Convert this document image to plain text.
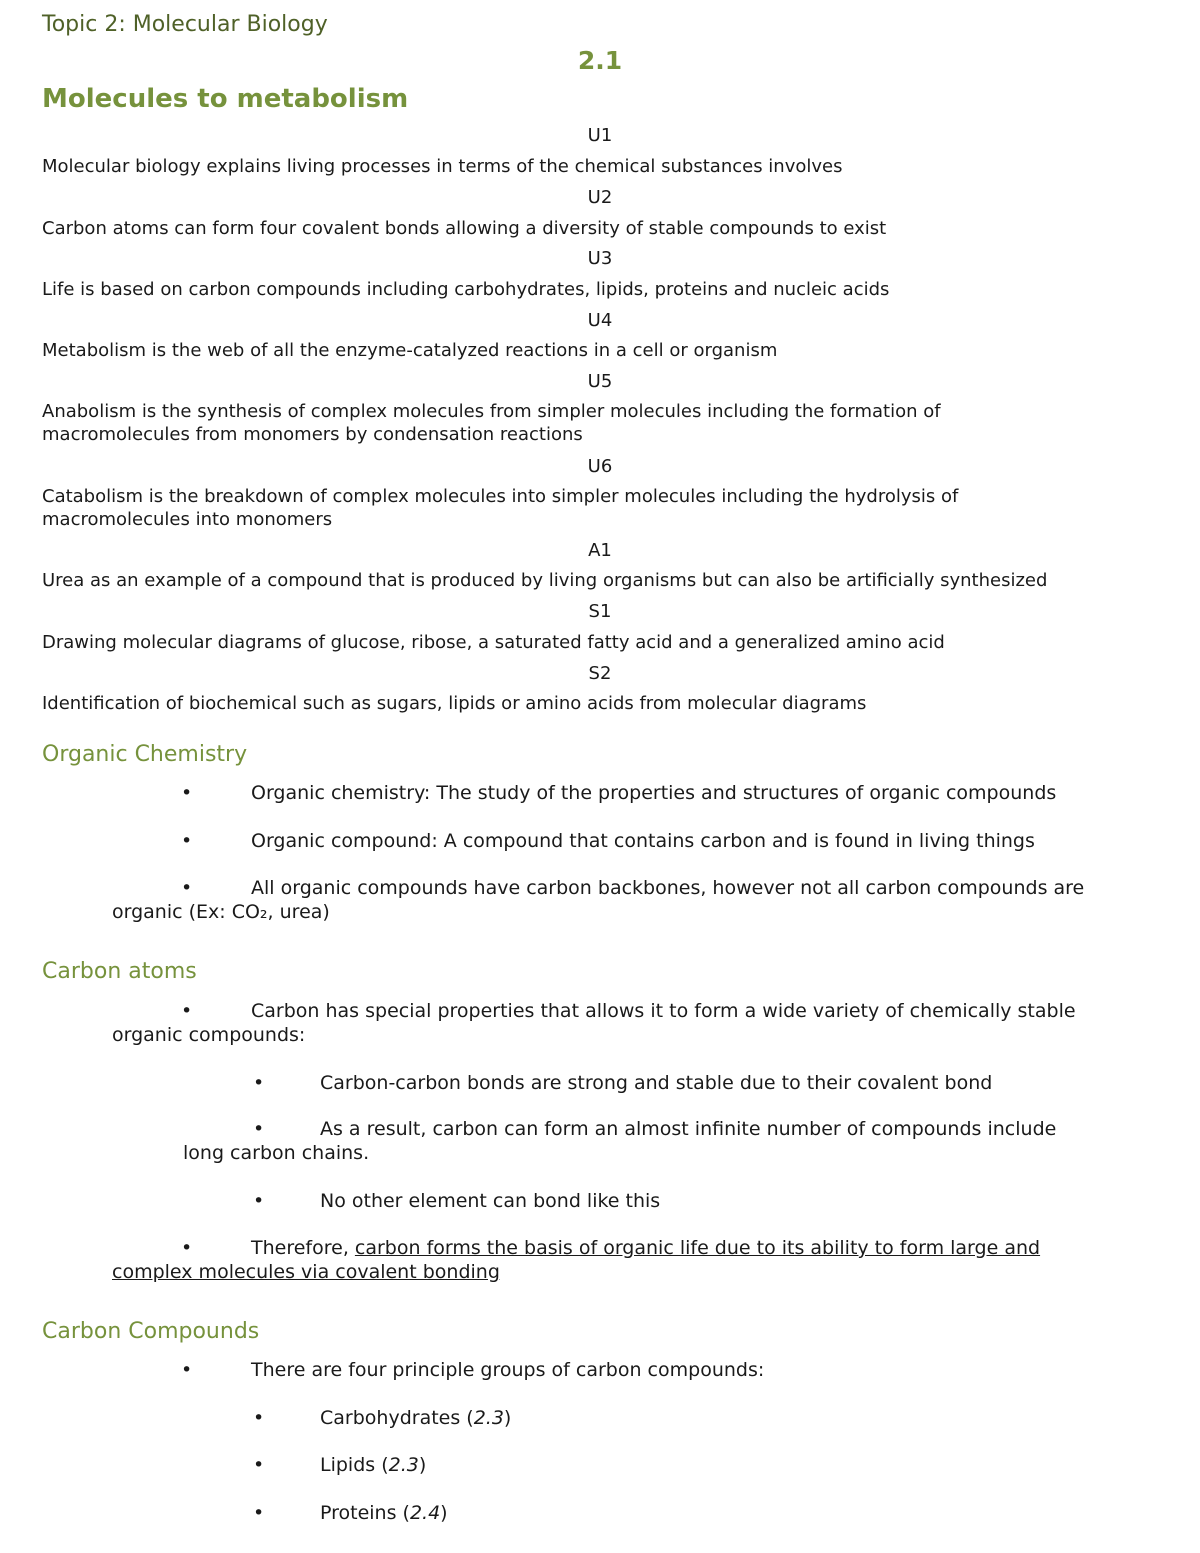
Topic 2: Molecular Biology
2.1
Molecules to metabolism
U1
Molecular biology explains living processes in terms of the chemical substances involves
U2
Carbon atoms can form four covalent bonds allowing a diversity of stable compounds to exist
U3
Life is based on carbon compounds including carbohydrates, lipids, proteins and nucleic acids
U4
Metabolism is the web of all the enzyme-catalyzed reactions in a cell or organism
U5
Anabolism is the synthesis of complex molecules from simpler molecules including the formation of
macromolecules from monomers by condensation reactions
U6
Catabolism is the breakdown of complex molecules into simpler molecules including the hydrolysis of
macromolecules into monomers
A1
Urea as an example of a compound that is produced by living organisms but can also be artificially synthesized
S1
Drawing molecular diagrams of glucose, ribose, a saturated fatty acid and a generalized amino acid
S2
Identification of biochemical such as sugars, lipids or amino acids from molecular diagrams
Organic Chemistry
•	Organic chemistry: The study of the properties and structures of organic compounds
•	Organic compound: A compound that contains carbon and is found in living things
•	All organic compounds have carbon backbones, however not all carbon compounds are
organic (Ex: CO₂, urea)
Carbon atoms
•	Carbon has special properties that allows it to form a wide variety of chemically stable
organic compounds:
•	Carbon-carbon bonds are strong and stable due to their covalent bond
•	As a result, carbon can form an almost infinite number of compounds include
long carbon chains.
•	No other element can bond like this
•	Therefore, carbon forms the basis of organic life due to its ability to form large and
complex molecules via covalent bonding
Carbon Compounds
•	There are four principle groups of carbon compounds:
•	Carbohydrates (2.3)
•	Lipids (2.3)
•	Proteins (2.4)
